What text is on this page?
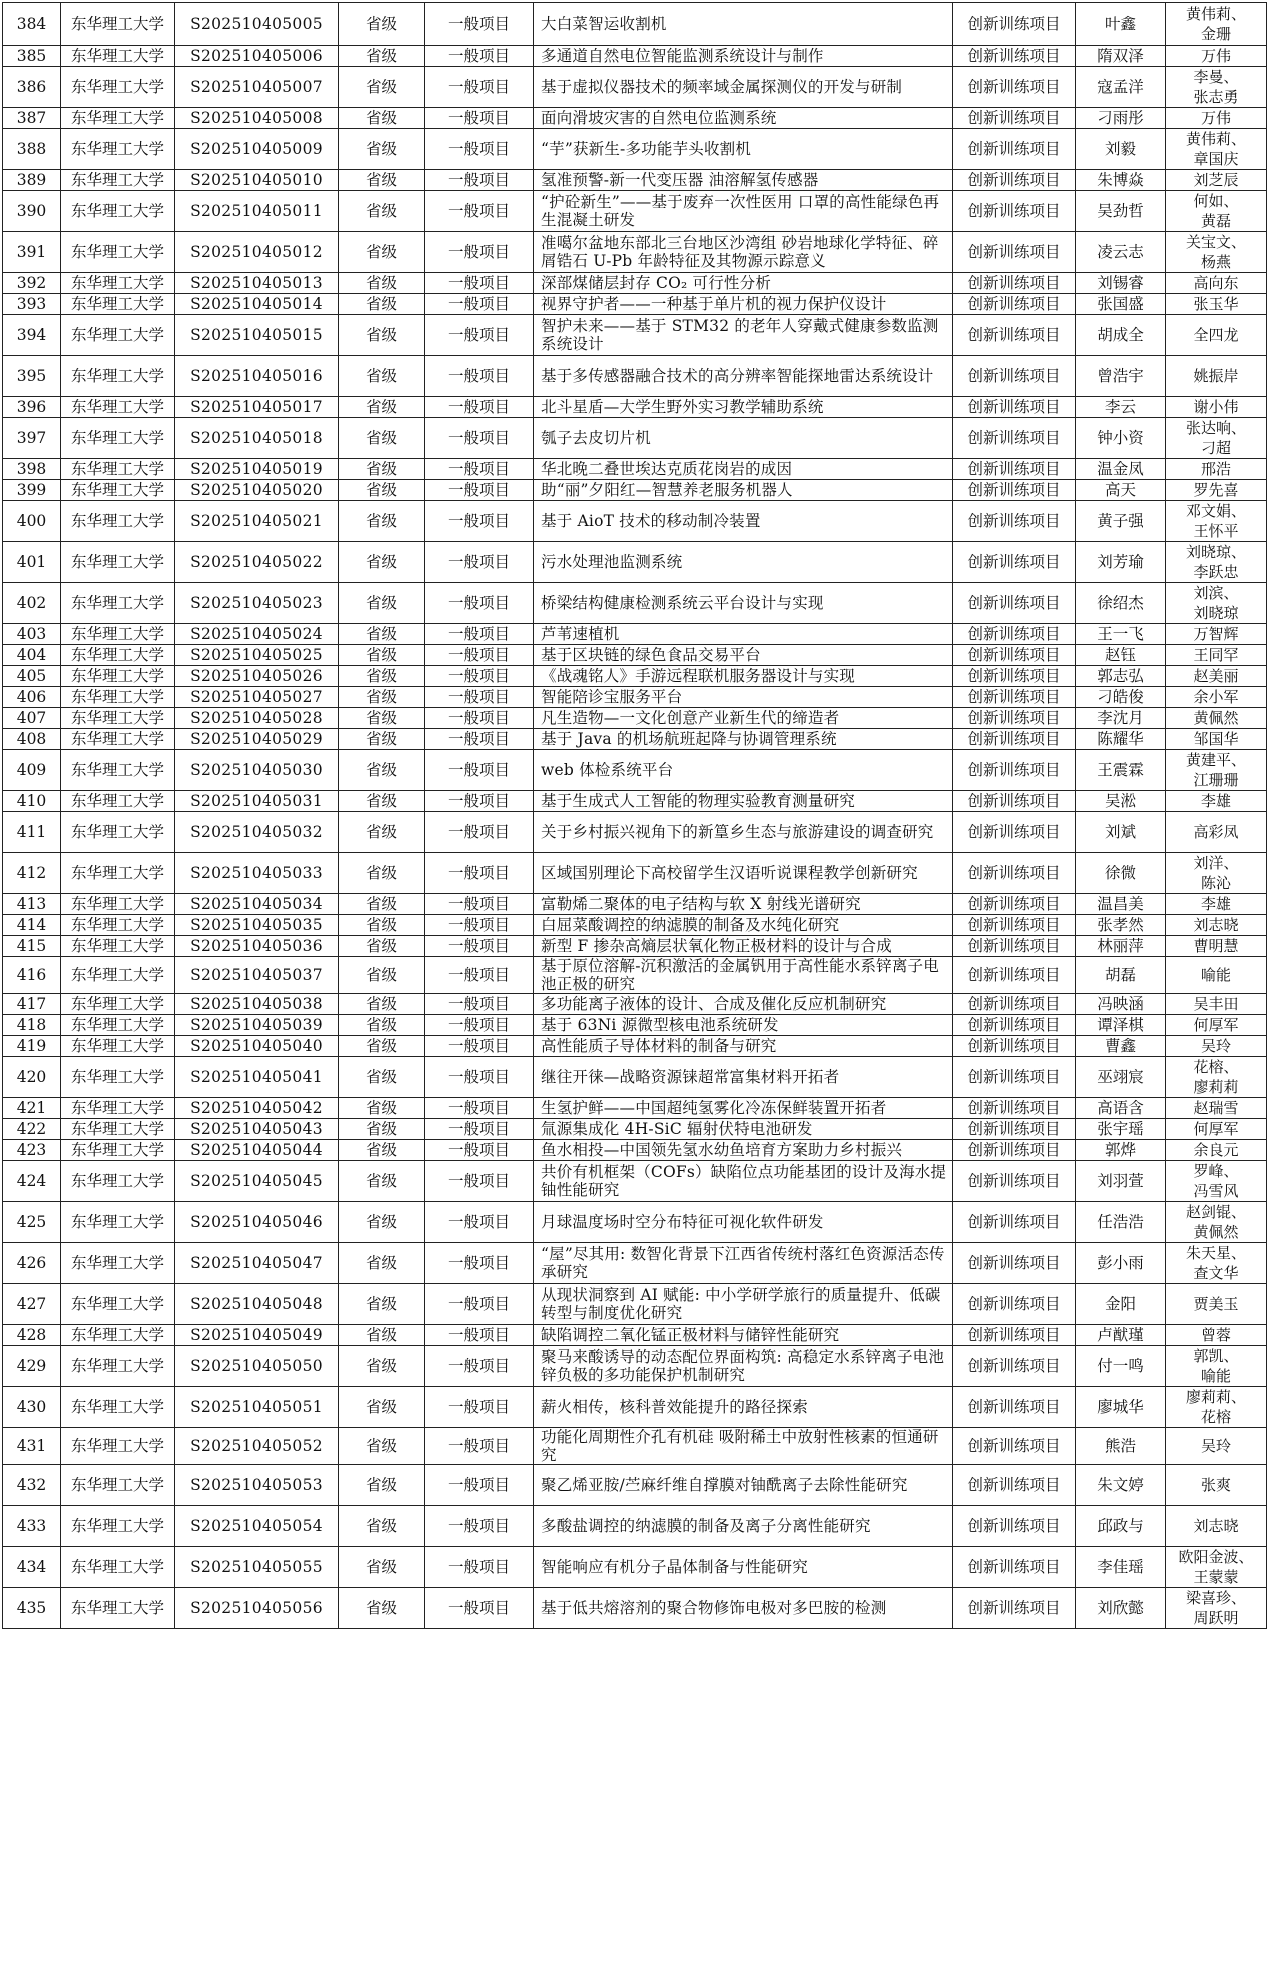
384	东华理工大学	S202510405005	省级	一般项目	大白菜智运收割机	创新训练项目	叶鑫	黄伟莉、
金珊
385	东华理工大学	S202510405006	省级	一般项目	多通道自然电位智能监测系统设计与制作	创新训练项目	隋双泽	万伟
386	东华理工大学	S202510405007	省级	一般项目	基于虚拟仪器技术的频率域金属探测仪的开发与研制	创新训练项目	寇孟洋	李曼、
张志勇
387	东华理工大学	S202510405008	省级	一般项目	面向滑坡灾害的自然电位监测系统	创新训练项目	刁雨彤	万伟
388	东华理工大学	S202510405009	省级	一般项目	“芋”获新生-多功能芋头收割机	创新训练项目	刘毅	黄伟莉、
章国庆
389	东华理工大学	S202510405010	省级	一般项目	氢准预警-新一代变压器 油溶解氢传感器	创新训练项目	朱博焱	刘芝辰
390	东华理工大学	S202510405011	省级	一般项目	“护砼新生”——基于废弃一次性医用 口罩的高性能绿色再生混凝土研发	创新训练项目	吴劲哲	何如、
黄磊
391	东华理工大学	S202510405012	省级	一般项目	准噶尔盆地东部北三台地区沙湾组 砂岩地球化学特征、碎屑锆石 U-Pb 年龄特征及其物源示踪意义	创新训练项目	凌云志	关宝文、
杨燕
392	东华理工大学	S202510405013	省级	一般项目	深部煤储层封存 CO₂ 可行性分析	创新训练项目	刘锡睿	高向东
393	东华理工大学	S202510405014	省级	一般项目	视界守护者——一种基于单片机的视力保护仪设计	创新训练项目	张国盛	张玉华
394	东华理工大学	S202510405015	省级	一般项目	智护未来——基于 STM32 的老年人穿戴式健康参数监测系统设计	创新训练项目	胡成全	全四龙
395	东华理工大学	S202510405016	省级	一般项目	基于多传感器融合技术的高分辨率智能探地雷达系统设计	创新训练项目	曾浩宇	姚振岸
396	东华理工大学	S202510405017	省级	一般项目	北斗星盾—大学生野外实习教学辅助系统	创新训练项目	李云	谢小伟
397	东华理工大学	S202510405018	省级	一般项目	瓠子去皮切片机	创新训练项目	钟小资	张达响、
刁超
398	东华理工大学	S202510405019	省级	一般项目	华北晚二叠世埃达克质花岗岩的成因	创新训练项目	温金凤	邢浩
399	东华理工大学	S202510405020	省级	一般项目	助“丽”夕阳红—智慧养老服务机器人	创新训练项目	高天	罗先喜
400	东华理工大学	S202510405021	省级	一般项目	基于 AioT 技术的移动制冷装置	创新训练项目	黄子强	邓文娟、
王怀平
401	东华理工大学	S202510405022	省级	一般项目	污水处理池监测系统	创新训练项目	刘芳瑜	刘晓琼、
李跃忠
402	东华理工大学	S202510405023	省级	一般项目	桥梁结构健康检测系统云平台设计与实现	创新训练项目	徐绍杰	刘滨、
刘晓琼
403	东华理工大学	S202510405024	省级	一般项目	芦苇速植机	创新训练项目	王一飞	万智辉
404	东华理工大学	S202510405025	省级	一般项目	基于区块链的绿色食品交易平台	创新训练项目	赵钰	王同罕
405	东华理工大学	S202510405026	省级	一般项目	《战魂铭人》手游远程联机服务器设计与实现	创新训练项目	郭志弘	赵美丽
406	东华理工大学	S202510405027	省级	一般项目	智能陪诊宝服务平台	创新训练项目	刁皓俊	余小军
407	东华理工大学	S202510405028	省级	一般项目	凡生造物—一文化创意产业新生代的缔造者	创新训练项目	李沈月	黄佩然
408	东华理工大学	S202510405029	省级	一般项目	基于 Java 的机场航班起降与协调管理系统	创新训练项目	陈耀华	邹国华
409	东华理工大学	S202510405030	省级	一般项目	web 体检系统平台	创新训练项目	王震霖	黄建平、
江珊珊
410	东华理工大学	S202510405031	省级	一般项目	基于生成式人工智能的物理实验教育测量研究	创新训练项目	吴淞	李雄
411	东华理工大学	S202510405032	省级	一般项目	关于乡村振兴视角下的新篁乡生态与旅游建设的调查研究	创新训练项目	刘斌	高彩凤
412	东华理工大学	S202510405033	省级	一般项目	区域国别理论下高校留学生汉语听说课程教学创新研究	创新训练项目	徐微	刘洋、
陈沁
413	东华理工大学	S202510405034	省级	一般项目	富勒烯二聚体的电子结构与软 X 射线光谱研究	创新训练项目	温昌美	李雄
414	东华理工大学	S202510405035	省级	一般项目	白屈菜酸调控的纳滤膜的制备及水纯化研究	创新训练项目	张孝然	刘志晓
415	东华理工大学	S202510405036	省级	一般项目	新型 F 掺杂高熵层状氧化物正极材料的设计与合成	创新训练项目	林丽萍	曹明慧
416	东华理工大学	S202510405037	省级	一般项目	基于原位溶解-沉积激活的金属钒用于高性能水系锌离子电池正极的研究	创新训练项目	胡磊	喻能
417	东华理工大学	S202510405038	省级	一般项目	多功能离子液体的设计、合成及催化反应机制研究	创新训练项目	冯映涵	吴丰田
418	东华理工大学	S202510405039	省级	一般项目	基于 63Ni 源微型核电池系统研发	创新训练项目	谭泽棋	何厚军
419	东华理工大学	S202510405040	省级	一般项目	高性能质子导体材料的制备与研究	创新训练项目	曹鑫	吴玲
420	东华理工大学	S202510405041	省级	一般项目	继往开徕—战略资源铼超常富集材料开拓者	创新训练项目	巫翊宸	花榕、
廖莉莉
421	东华理工大学	S202510405042	省级	一般项目	生氢护鲜——中国超纯氢雾化冷冻保鲜装置开拓者	创新训练项目	高语含	赵瑞雪
422	东华理工大学	S202510405043	省级	一般项目	氚源集成化 4H-SiC 辐射伏特电池研发	创新训练项目	张宇瑶	何厚军
423	东华理工大学	S202510405044	省级	一般项目	鱼水相投—中国领先氢水幼鱼培育方案助力乡村振兴	创新训练项目	郭烨	余良元
424	东华理工大学	S202510405045	省级	一般项目	共价有机框架（COFs）缺陷位点功能基团的设计及海水提铀性能研究	创新训练项目	刘羽萱	罗峰、
冯雪风
425	东华理工大学	S202510405046	省级	一般项目	月球温度场时空分布特征可视化软件研发	创新训练项目	任浩浩	赵剑锟、
黄佩然
426	东华理工大学	S202510405047	省级	一般项目	“屋”尽其用: 数智化背景下江西省传统村落红色资源活态传承研究	创新训练项目	彭小雨	朱天星、
查文华
427	东华理工大学	S202510405048	省级	一般项目	从现状洞察到 AI 赋能: 中小学研学旅行的质量提升、低碳转型与制度优化研究	创新训练项目	金阳	贾美玉
428	东华理工大学	S202510405049	省级	一般项目	缺陷调控二氧化锰正极材料与储锌性能研究	创新训练项目	卢猷瑾	曾蓉
429	东华理工大学	S202510405050	省级	一般项目	聚马来酸诱导的动态配位界面构筑: 高稳定水系锌离子电池锌负极的多功能保护机制研究	创新训练项目	付一鸣	郭凯、
喻能
430	东华理工大学	S202510405051	省级	一般项目	薪火相传，核科普效能提升的路径探索	创新训练项目	廖城华	廖莉莉、
花榕
431	东华理工大学	S202510405052	省级	一般项目	功能化周期性介孔有机硅 吸附稀土中放射性核素的恒通研究	创新训练项目	熊浩	吴玲
432	东华理工大学	S202510405053	省级	一般项目	聚乙烯亚胺/苎麻纤维自撑膜对铀酰离子去除性能研究	创新训练项目	朱文婷	张爽
433	东华理工大学	S202510405054	省级	一般项目	多酸盐调控的纳滤膜的制备及离子分离性能研究	创新训练项目	邱政与	刘志晓
434	东华理工大学	S202510405055	省级	一般项目	智能响应有机分子晶体制备与性能研究	创新训练项目	李佳瑶	欧阳金波、
王蒙蒙
435	东华理工大学	S202510405056	省级	一般项目	基于低共熔溶剂的聚合物修饰电极对多巴胺的检测	创新训练项目	刘欣懿	梁喜珍、
周跃明
